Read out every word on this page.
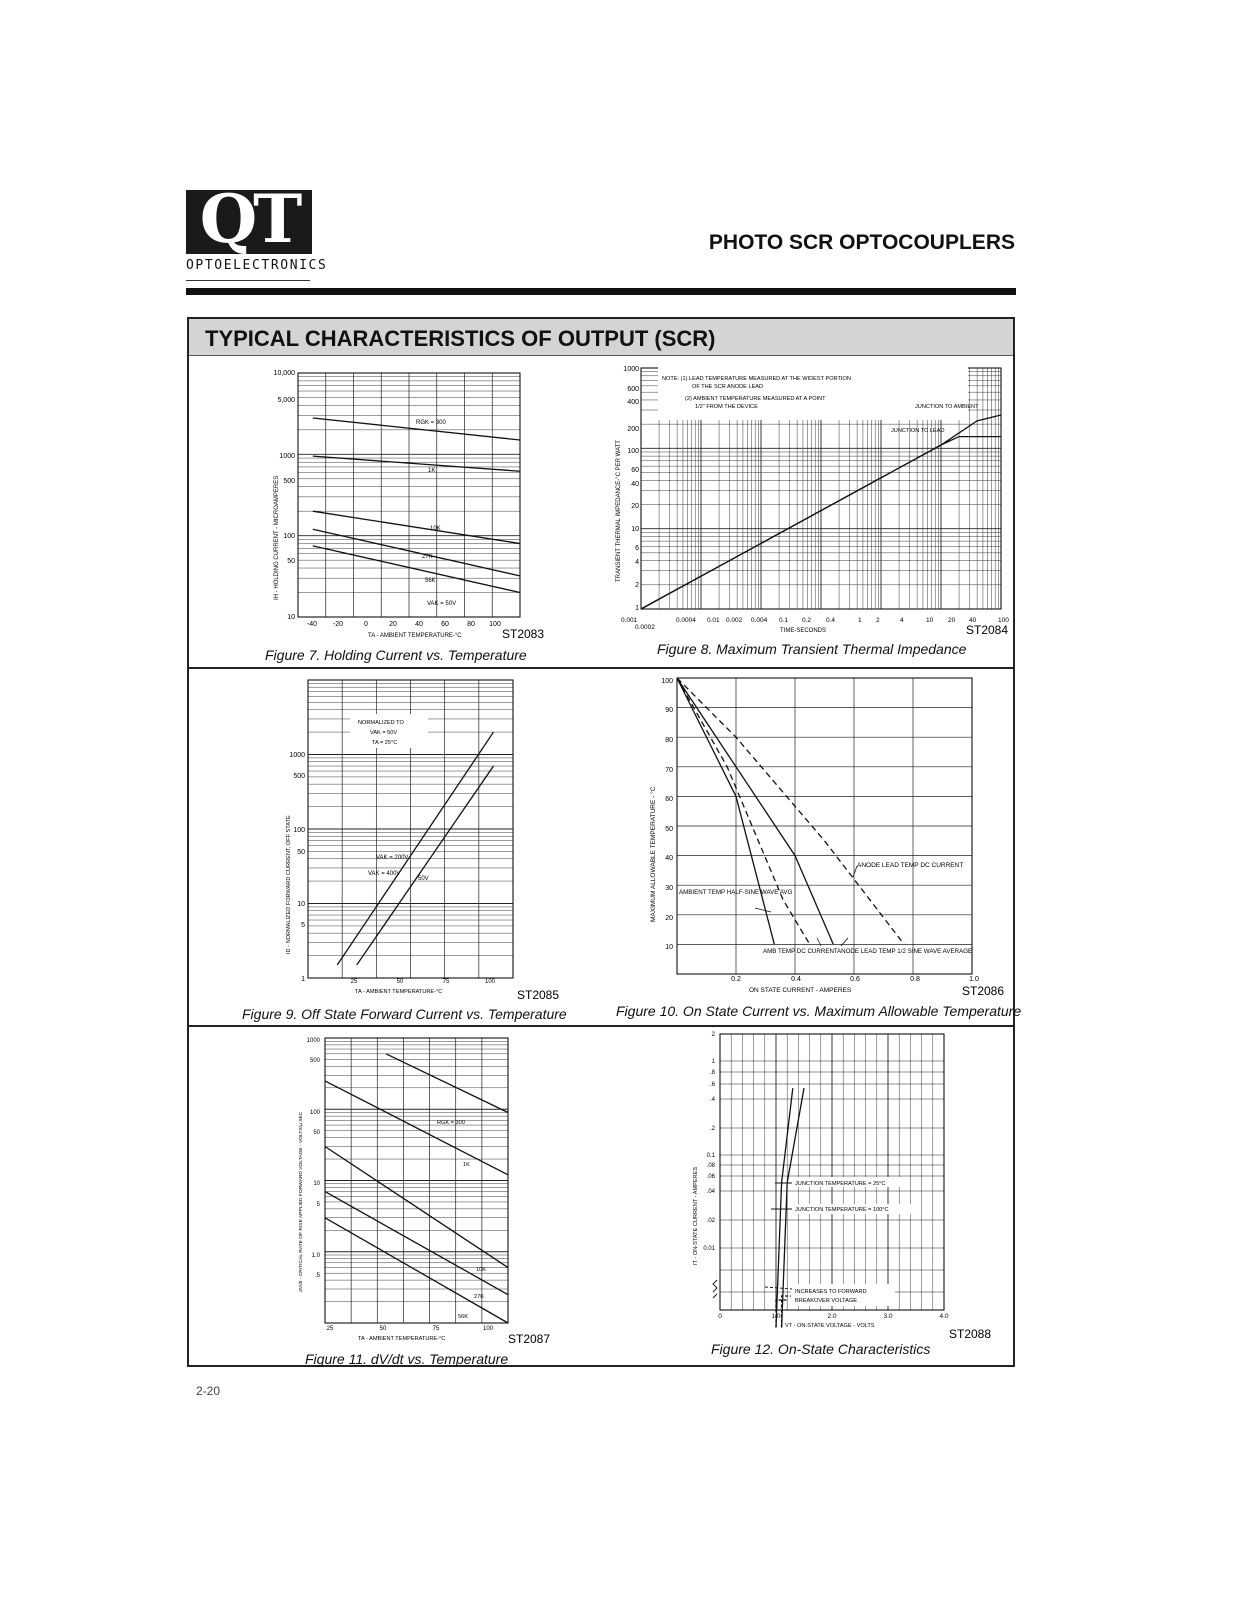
QT
OPTOELECTRONICS
PHOTO SCR OPTOCOUPLERS
TYPICAL CHARACTERISTICS OF OUTPUT (SCR)
10,000
5,000
1000
500
100
50
10
-40 -20	0	20	40	60	80 100
TA - AMBIENT TEMPERATURE-°C
IH - HOLDING CURRENT - MICROAMPERES
RGK = 300
1K
10K
27K
56K
VAK = 50V
ST2083
Figure 7. Holding Current vs. Temperature
NOTE: (1) LEAD TEMPERATURE MEASURED AT THE WIDEST PORTION
OF THE SCR ANODE LEAD
(2) AMBIENT TEMPERATURE MEASURED AT A POINT
1/2" FROM THE DEVICE	JUNCTION TO AMBIENT
JUNCTION TO LEAD
1000
600
400
200
100
60
40
20
10
6
4
2
1
0.001
0.0002
0.0004 0.01 0.002 0.004 0.1 0.2 0.4	1 2	4	10 20 40	100
TIME-SECONDS
TRANSIENT THERMAL IMPEDANCE-°C PER WATT
ST2084
Figure 8. Maximum Transient Thermal Impedance
NORMALIZED TO
VAK = 50V
TA = 25°C
VAK = 200V
VAK = 400V
50V
1000
500
100
50
10
5
1	25	50	75	100
TA - AMBIENT TEMPERATURE-°C
ID - NORMALIZED FORWARD CURRENT, OFF STATE
ST2085
Figure 9. Off State Forward Current vs. Temperature
ANODE LEAD TEMP DC CURRENT
AMBIENT TEMP HALF-SINE WAVE AVG
AMB TEMP DC CURRENT ANODE LEAD TEMP 1/2 SINE WAVE AVERAGE
100
90
80
70
60
50
40
30
20
10
0.2	0.4	0.6	0.8	1.0
ON STATE CURRENT - AMPERES
MAXIMUM ALLOWABLE TEMPERATURE - °C
ST2086
Figure 10. On State Current vs. Maximum Allowable Temperature
RGK = 300
1K
10K
27K
56K
1000
500
100
50
10
5
1.0
.5
25	50	75	100
TA - AMBIENT TEMPERATURE-°C
dV/dt - CRITICAL RATE OF RISE APPLIED FORWARD VOLTAGE - VOLTS/μ SEC
ST2087
Figure 11. dV/dt vs. Temperature
JUNCTION TEMPERATURE = 25°C
JUNCTION TEMPERATURE = 100°C
INCREASES TO FORWARD
BREAKOVER VOLTAGE
2
1
.8
.6
.4
.2
0.1
.08
.06
.04
.02
0.01
0	1.0	2.0	3.0	4.0
VT - ON-STATE VOLTAGE - VOLTS
IT - ON-STATE CURRENT - AMPERES
ST2088
Figure 12. On-State Characteristics
2-20
